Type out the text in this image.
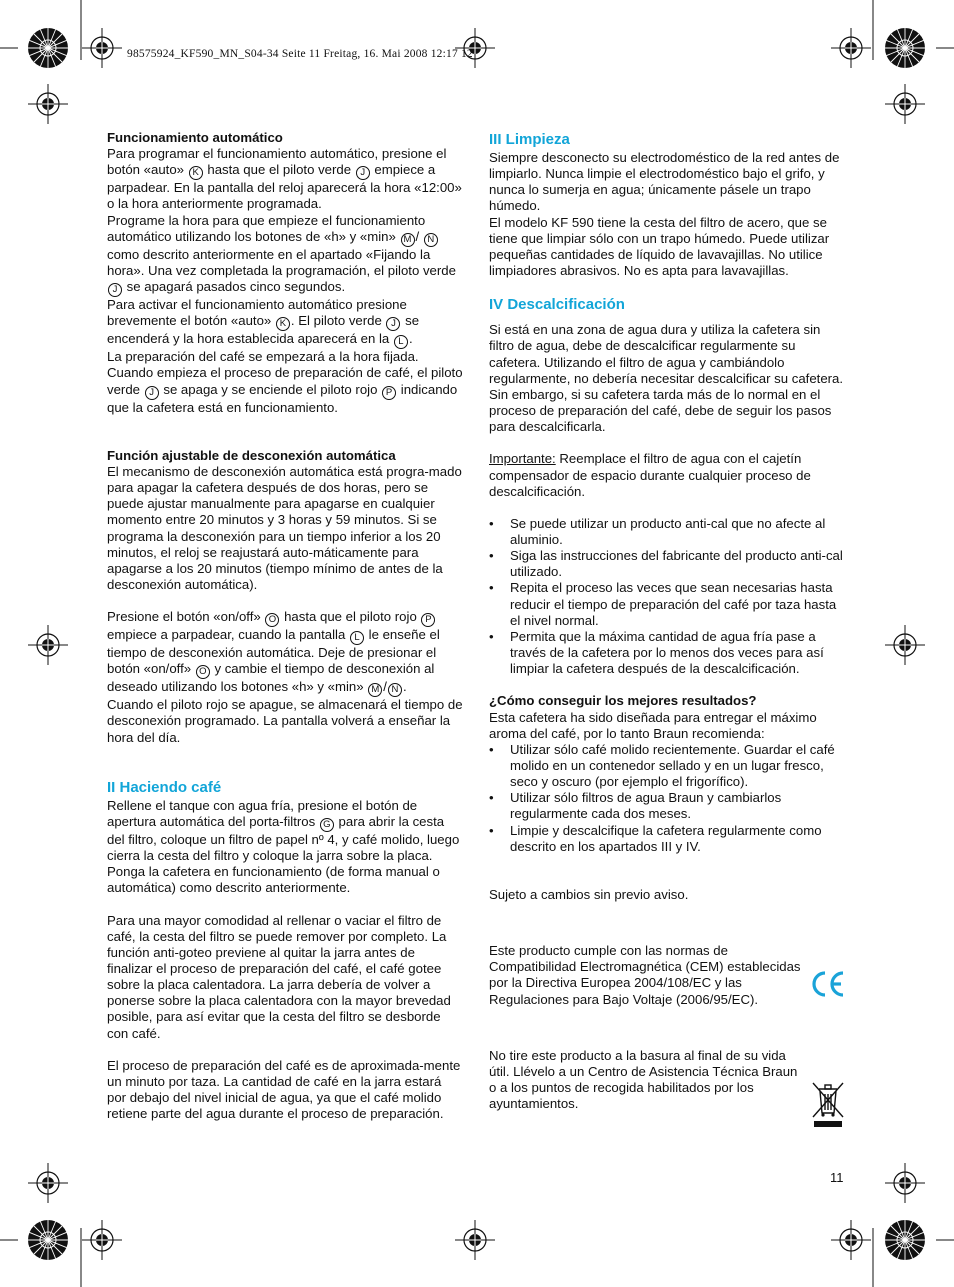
98575924_KF590_MN_S04-34 Seite 11 Freitag, 16. Mai 2008 12:17 12

Funcionamiento automático

Para programar el funcionamiento automático, presione el botón «auto» K hasta que el piloto verde J empiece a parpadear. En la pantalla del reloj aparecerá la hora «12:00» o la hora anteriormente programada.

Programe la hora para que empieze el funcionamiento automático utilizando los botones de «h» y «min» M / N como descrito anteriormente en el apartado «Fijando la hora». Una vez completada la programación, el piloto verde J se apagará pasados cinco segundos.

Para activar el funcionamiento automático presione brevemente el botón «auto» K . El piloto verde J se encenderá y la hora establecida aparecerá en la L .

La preparación del café se empezará a la hora fijada.

Cuando empieza el proceso de preparación de café, el piloto verde J se apaga y se enciende el piloto rojo P indicando que la cafetera está en funcionamiento.

Función ajustable de desconexión automática

El mecanismo de desconexión automática está progra-mado para apagar la cafetera después de dos horas, pero se puede ajustar manualmente para apagarse en cualquier momento entre 20 minutos y 3 horas y 59 minutos. Si se programa la desconexión para un tiempo inferior a los 20 minutos, el reloj se reajustará auto-máticamente para apagarse a los 20 minutos (tiempo mínimo de antes de la desconexión automática).

Presione el botón «on/off» O hasta que el piloto rojo P empiece a parpadear, cuando la pantalla L le enseñe el tiempo de desconexión automática. Deje de presionar el botón «on/off» O y cambie el tiempo de desconexión al deseado utilizando los botones «h» y «min» M / N .

Cuando el piloto rojo se apague, se almacenará el tiempo de desconexión programado. La pantalla volverá a enseñar la hora del día.

II Haciendo café

Rellene el tanque con agua fría, presione el botón de apertura automática del porta-filtros G para abrir la cesta del filtro, coloque un filtro de papel nº 4, y café molido, luego cierra la cesta del filtro y coloque la jarra sobre la placa. Ponga la cafetera en funcionamiento (de forma manual o automática) como descrito anteriormente.

Para una mayor comodidad al rellenar o vaciar el filtro de café, la cesta del filtro se puede remover por completo. La función anti-goteo previene al quitar la jarra antes de finalizar el proceso de preparación del café, el café gotee sobre la placa calentadora. La jarra debería de volver a ponerse sobre la placa calentadora con la mayor brevedad posible, para así evitar que la cesta del filtro se desborde con café.

El proceso de preparación del café es de aproximada-mente un minuto por taza. La cantidad de café en la jarra estará por debajo del nivel inicial de agua, ya que el café molido retiene parte del agua durante el proceso de preparación.

III Limpieza

Siempre desconecto su electrodoméstico de la red antes de limpiarlo. Nunca limpie el electrodoméstico bajo el grifo, y nunca lo sumerja en agua; únicamente pásele un trapo húmedo.

El modelo KF 590 tiene la cesta del filtro de acero, que se tiene que limpiar sólo con un trapo húmedo. Puede utilizar pequeñas cantidades de líquido de lavavajillas. No utilice limpiadores abrasivos. No es apta para lavavajillas.

IV Descalcificación

Si está en una zona de agua dura y utiliza la cafetera sin filtro de agua, debe de descalcificar regularmente su cafetera. Utilizando el filtro de agua y cambiándolo regularmente, no debería necesitar descalcificar su cafetera. Sin embargo, si su cafetera tarda más de lo normal en el proceso de preparación del café, debe de seguir los pasos para descalcificarla.

Importante: Reemplace el filtro de agua con el cajetín compensador de espacio durante cualquier proceso de descalcificación.

• Se puede utilizar un producto anti-cal que no afecte al aluminio.
• Siga las instrucciones del fabricante del producto anti-cal utilizado.
• Repita el proceso las veces que sean necesarias hasta reducir el tiempo de preparación del café por taza hasta el nivel normal.
• Permita que la máxima cantidad de agua fría pase a través de la cafetera por lo menos dos veces para así limpiar la cafetera después de la descalcificación.

¿Cómo conseguir los mejores resultados?

Esta cafetera ha sido diseñada para entregar el máximo aroma del café, por lo tanto Braun recomienda:

• Utilizar sólo café molido recientemente. Guardar el café molido en un contenedor sellado y en un lugar fresco, seco y oscuro (por ejemplo el frigorífico).
• Utilizar sólo filtros de agua Braun y cambiarlos regularmente cada dos meses.
• Limpie y descalcifique la cafetera regularmente como descrito en los apartados III y IV.

Sujeto a cambios sin previo aviso.

Este producto cumple con las normas de Compatibilidad Electromagnética (CEM) establecidas por la Directiva Europea 2004/108/EC y las Regulaciones para Bajo Voltaje (2006/95/EC).

No tire este producto a la basura al final de su vida útil. Llévelo a un Centro de Asistencia Técnica Braun o a los puntos de recogida habilitados por los ayuntamientos.

11
